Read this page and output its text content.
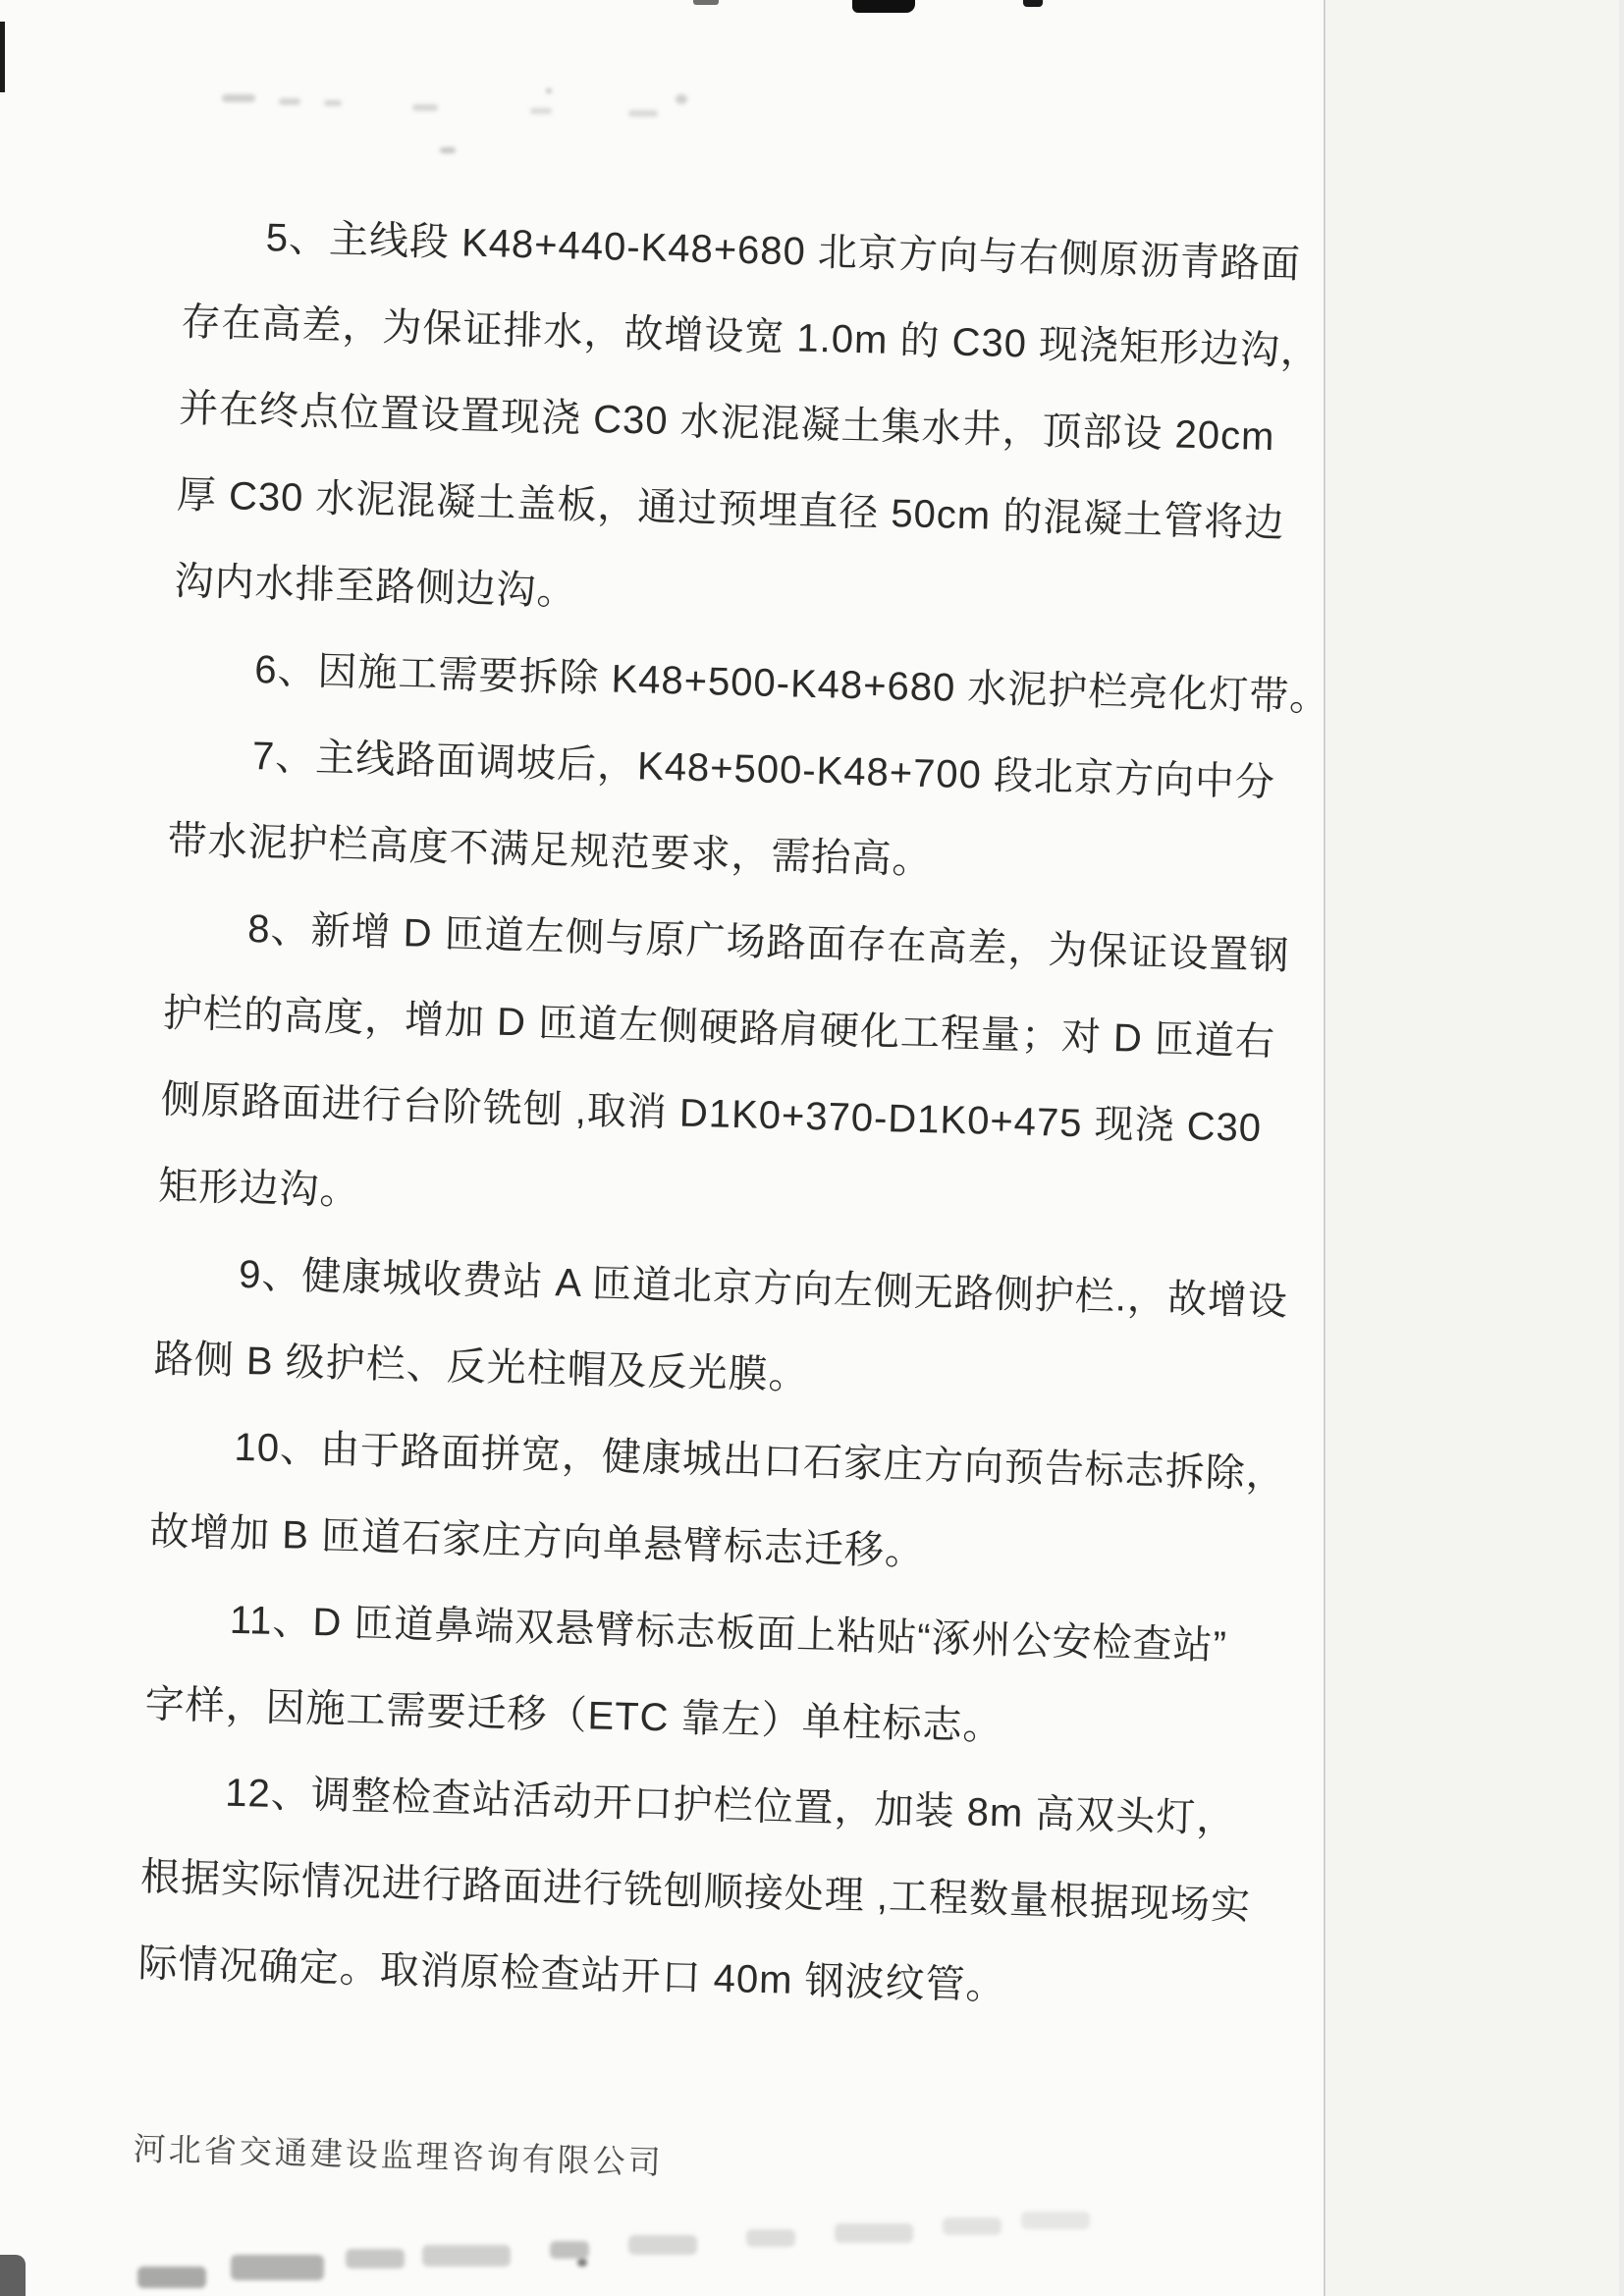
5、主线段 K48+440-K48+680 北京方向与右侧原沥青路面
存在高差，为保证排水，故增设宽 1.0m 的 C30 现浇矩形边沟，
并在终点位置设置现浇 C30 水泥混凝土集水井，顶部设 20cm
厚 C30 水泥混凝土盖板，通过预埋直径 50cm 的混凝土管将边
沟内水排至路侧边沟。
6、因施工需要拆除 K48+500-K48+680 水泥护栏亮化灯带。
7、主线路面调坡后，K48+500-K48+700 段北京方向中分
带水泥护栏高度不满足规范要求，需抬高。
8、新增 D 匝道左侧与原广场路面存在高差，为保证设置钢
护栏的高度，增加 D 匝道左侧硬路肩硬化工程量；对 D 匝道右
侧原路面进行台阶铣刨 ,取消 D1K0+370-D1K0+475 现浇 C30
矩形边沟。
9、健康城收费站 A 匝道北京方向左侧无路侧护栏.，故增设
路侧 B 级护栏、反光柱帽及反光膜。
10、由于路面拼宽，健康城出口石家庄方向预告标志拆除，
故增加 B 匝道石家庄方向单悬臂标志迁移。
11、D 匝道鼻端双悬臂标志板面上粘贴“涿州公安检查站”
字样，因施工需要迁移（ETC 靠左）单柱标志。
12、调整检查站活动开口护栏位置，加装 8m 高双头灯，
根据实际情况进行路面进行铣刨顺接处理 ,工程数量根据现场实
际情况确定。取消原检查站开口 40m 钢波纹管。
河北省交通建设监理咨询有限公司
